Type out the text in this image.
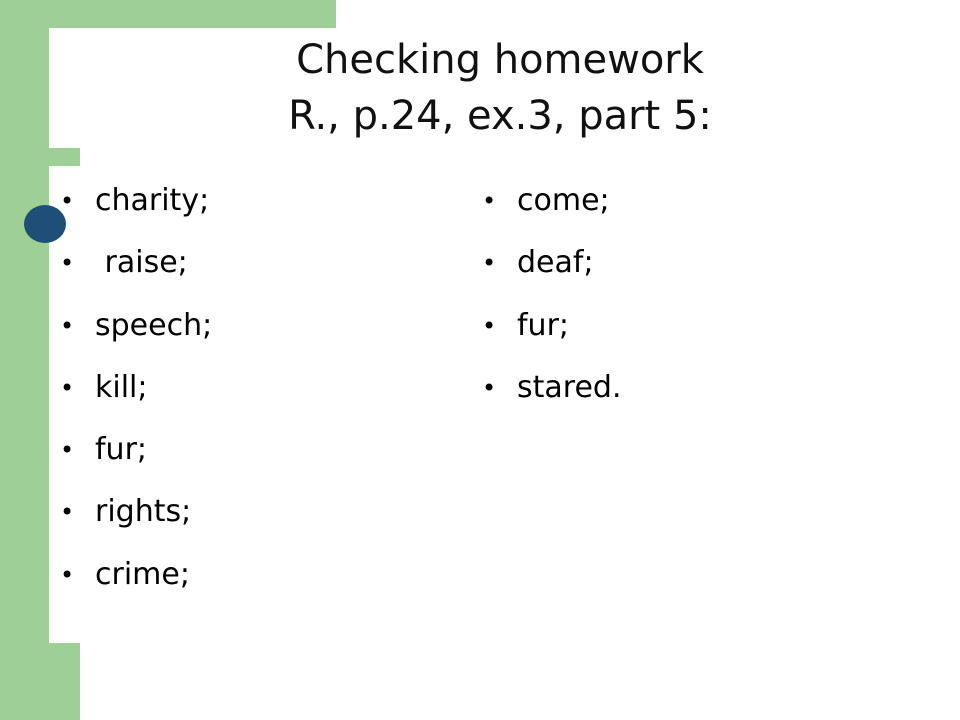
Checking homework
R., p.24, ex.3, part 5:
• charity;
• raise;
• speech;
• kill;
• fur;
• rights;
• crime;
• come;
• deaf;
• fur;
• stared.
